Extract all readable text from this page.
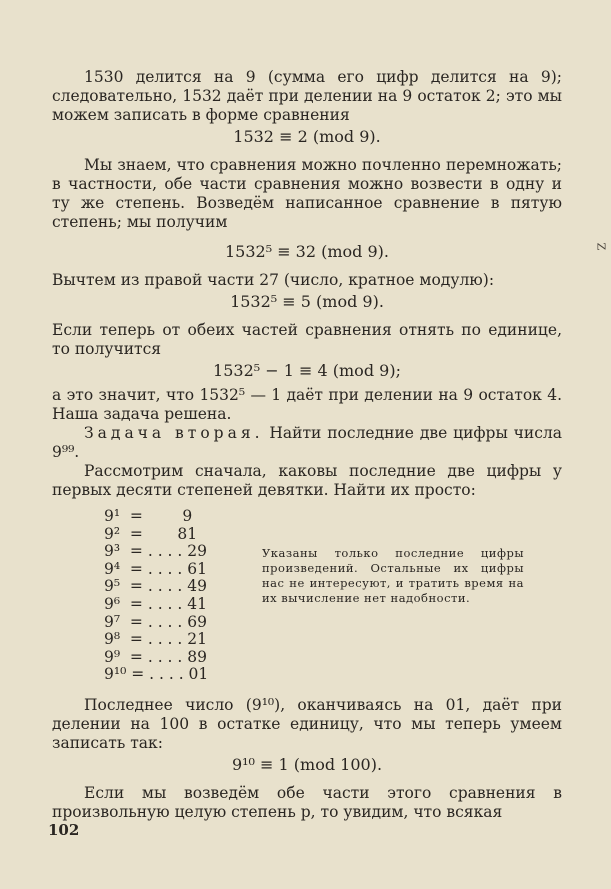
1530 делится на 9 (сумма его цифр делится на 9); следовательно, 1532 даёт при делении на 9 остаток 2; это мы можем записать в форме сравнения

1532 ≡ 2 (mod 9).

Мы знаем, что сравнения можно почленно перемножать; в частности, обе части сравнения можно возвести в одну и ту же степень. Возведём написанное сравнение в пятую степень; мы получим

1532⁵ ≡ 32 (mod 9).

Вычтем из правой части 27 (число, кратное модулю):

1532⁵ ≡ 5 (mod 9).

Если теперь от обеих частей сравнения отнять по единице, то получится

1532⁵ − 1 ≡ 4 (mod 9);

а это значит, что 1532⁵ — 1 даёт при делении на 9 остаток 4. Наша задача решена.

Задача вторая. Найти последние две цифры числа 9⁹⁹.

Рассмотрим сначала, каковы последние две цифры у первых десяти степеней девятки. Найти их просто:

9¹  =        9
9²  =       81
9³  = . . . . 29
9⁴  = . . . . 61
9⁵  = . . . . 49
9⁶  = . . . . 41
9⁷  = . . . . 69
9⁸  = . . . . 21
9⁹  = . . . . 89
9¹⁰ = . . . . 01
Указаны только последние цифры произведений. Остальные их цифры нас не интересуют, и тратить время на их вычисление нет надобности.

Последнее число (9¹⁰), оканчиваясь на 01, даёт при делении на 100 в остатке единицу, что мы теперь умеем записать так:

9¹⁰ ≡ 1 (mod 100).

Если мы возведём обе части этого сравнения в произвольную целую степень p, то увидим, что всякая

102
Z
